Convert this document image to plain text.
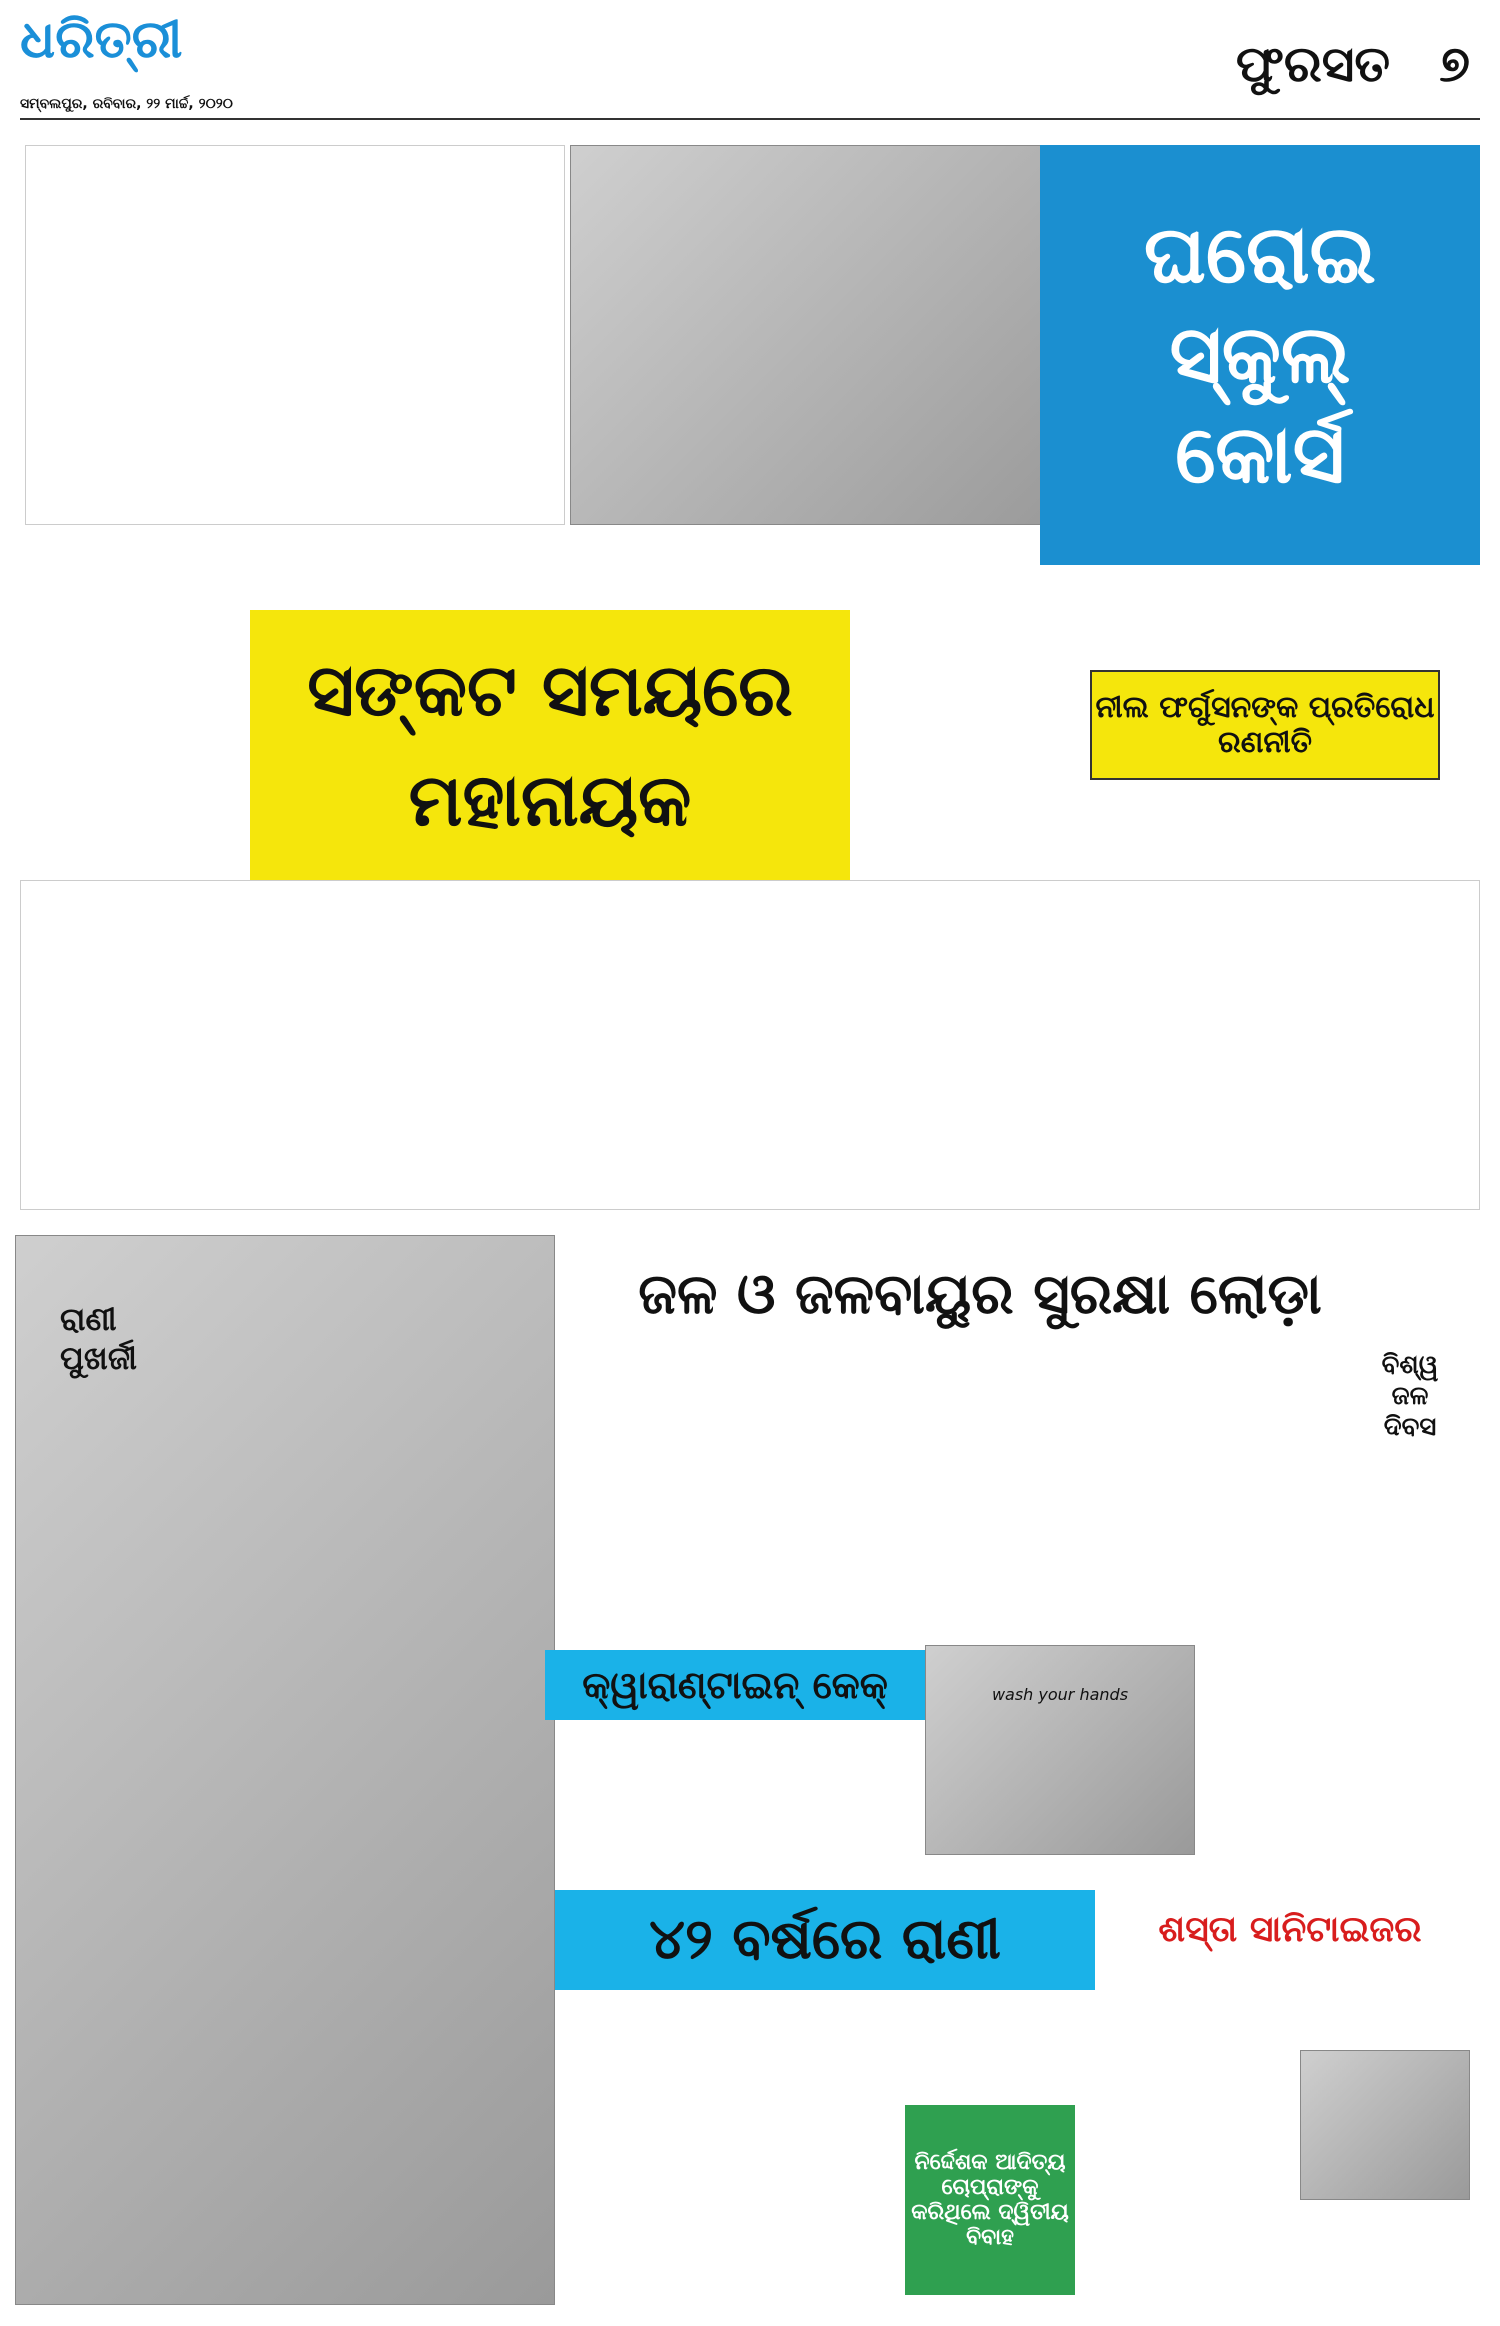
ଧରିତ୍ରୀ
ସମ୍ବଲପୁର, ରବିବାର, ୨୨ ମାର୍ଚ୍ଚ, ୨୦୨୦
ଫୁରସତ ୭
ଘରୋଇ
ସ୍କୁଲ୍
କୋର୍ସ
ସଙ୍କଟ ସମୟରେ
ମହାନାୟକ
ନୀଲ ଫର୍ଗୁସନଙ୍କ ପ୍ରତିରୋଧ ରଣନୀତି
ରାଣୀ ପୁଖର୍ଜୀ
ଜଳ ଓ ଜଳବାୟୁର ସୁରକ୍ଷା ଲୋଡ଼ା
ବିଶ୍ୱ ଜଳ ଦିବସ
କ୍ୱାରାଣ୍ଟାଇନ୍ କେକ୍	wash your hands
୪୨ ବର୍ଷରେ ରାଣୀ
ନିର୍ଦ୍ଦେଶକ ଆଦିତ୍ୟ ଚୋପ୍ରାଙ୍କୁ କରିଥିଲେ ଦ୍ୱିତୀୟ ବିବାହ
ଶସ୍ତା ସାନିଟାଇଜର
